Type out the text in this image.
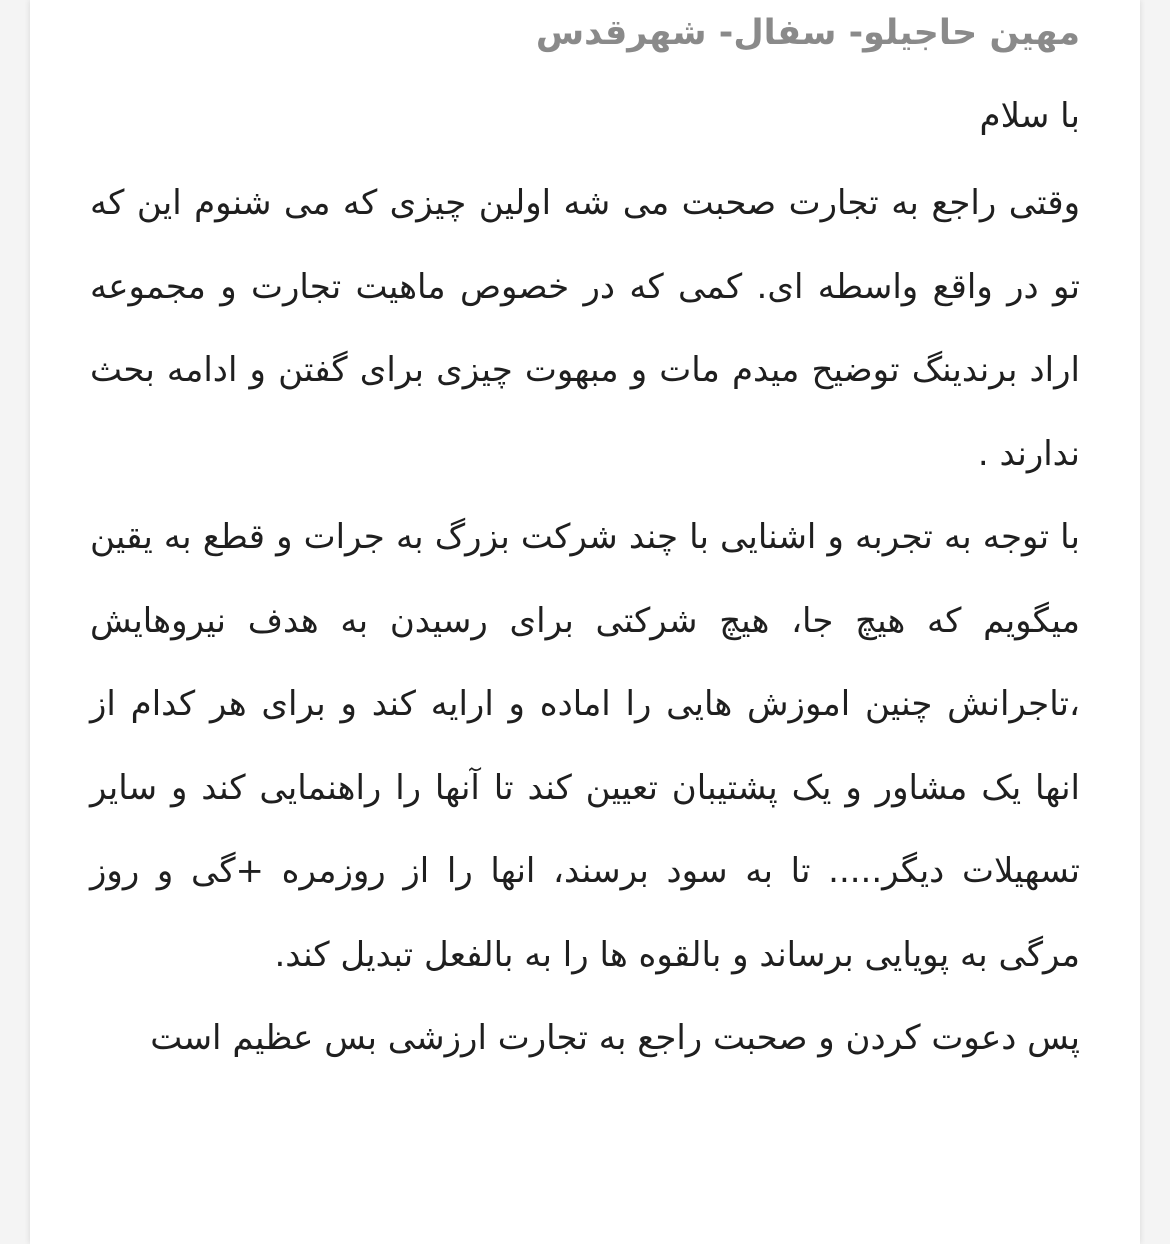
مهین حاجیلو- سفال- شهرقدس

با سلام

وقتی راجع به تجارت صحبت می شه اولین چیزی که می شنوم این که تو در واقع واسطه ای. کمی که در خصوص ماهیت تجارت و مجموعه اراد برندینگ توضیح میدم مات و مبهوت چیزی برای گفتن و ادامه بحث ندارند .

با توجه به تجربه و اشنایی با چند شرکت بزرگ به جرات و قطع به یقین میگویم که هیچ جا، هیچ شرکتی برای رسیدن به هدف نیروهایش ،تاجرانش چنین اموزش هایی را اماده و ارایه کند و برای هر کدام از انها یک مشاور و یک پشتیبان تعیین کند تا آنها را راهنمایی کند و سایر تسهیلات دیگر..... تا به سود برسند، انها را از روزمره +گی و روز مرگی به پویایی برساند و بالقوه ها را به بالفعل تبدیل کند.

پس دعوت کردن و صحبت راجع به تجارت ارزشی بس عظیم است
